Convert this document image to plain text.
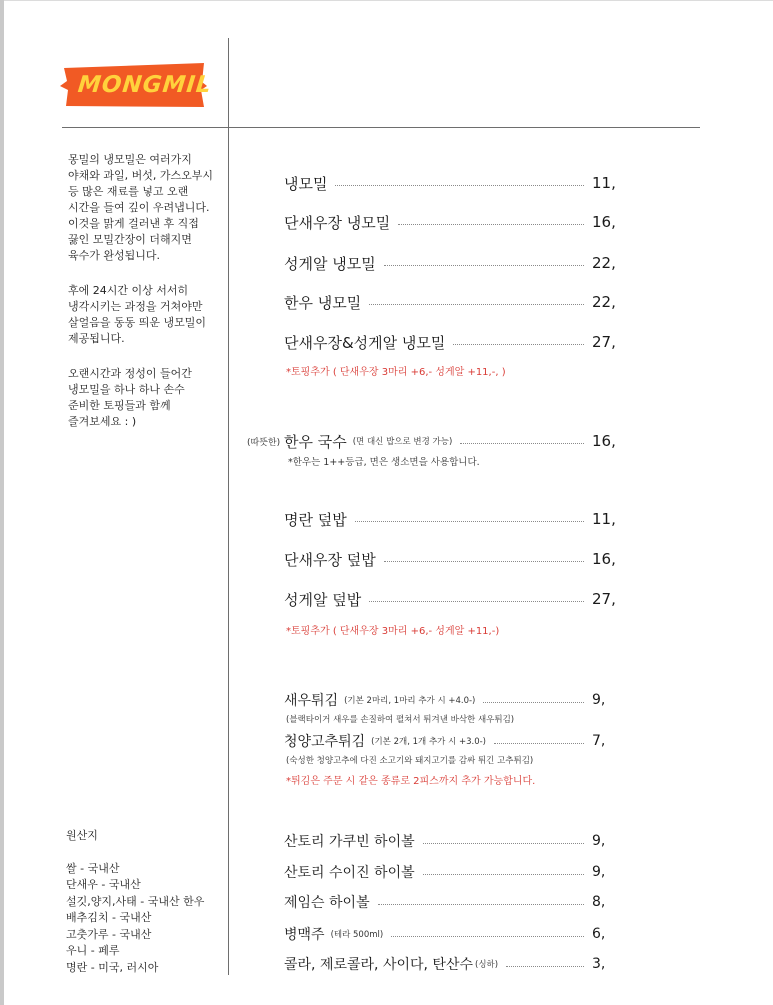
MONGMIL

몽밀의 냉모밀은 여러가지
야채와 과일, 버섯, 가스오부시
등 많은 재료를 넣고 오랜
시간을 들여 깊이 우려냅니다.
이것을 맑게 걸러낸 후 직접
끓인 모밀간장이 더해지면
육수가 완성됩니다.

후에 24시간 이상 서서히
냉각시키는 과정을 거쳐야만
살얼음을 동동 띄운 냉모밀이
제공됩니다.

오랜시간과 정성이 들어간
냉모밀을 하나 하나 손수
준비한 토핑들과 함께
즐겨보세요 : )

원산지
쌀 - 국내산
단새우 - 국내산
설깃,양지,사태 - 국내산 한우
배추김치 - 국내산
고춧가루 - 국내산
우니 - 페루
명란 - 미국, 러시아
냉모밀	11,
단새우장 냉모밀	16,
성게알 냉모밀	22,
한우 냉모밀	22,
단새우장&성게알 냉모밀	27,
*토핑추가 ( 단새우장 3마리 +6,- 성게알 +11,-, )
(따뜻한) 한우 국수 (면 대신 밥으로 변경 가능)	16,
*한우는 1++등급, 면은 생소면을 사용합니다.
명란 덮밥	11,
단새우장 덮밥	16,
성게알 덮밥	27,
*토핑추가 ( 단새우장 3마리 +6,- 성게알 +11,-)
새우튀김 (기본 2마리, 1마리 추가 시 +4.0-)	9,
(블랙타이거 새우를 손질하여 펼쳐서 튀겨낸 바삭한 새우튀김)
청양고추튀김 (기본 2개, 1개 추가 시 +3.0-)	7,
(숙성한 청양고추에 다진 소고기와 돼지고기를 감싸 튀긴 고추튀김)
*튀김은 주문 시 같은 종류로 2피스까지 추가 가능합니다.
산토리 가쿠빈 하이볼	9,
산토리 수이진 하이볼	9,
제임슨 하이볼	8,
병맥주 (테라 500ml)	6,
콜라, 제로콜라, 사이다, 탄산수 (싱하)	3,
